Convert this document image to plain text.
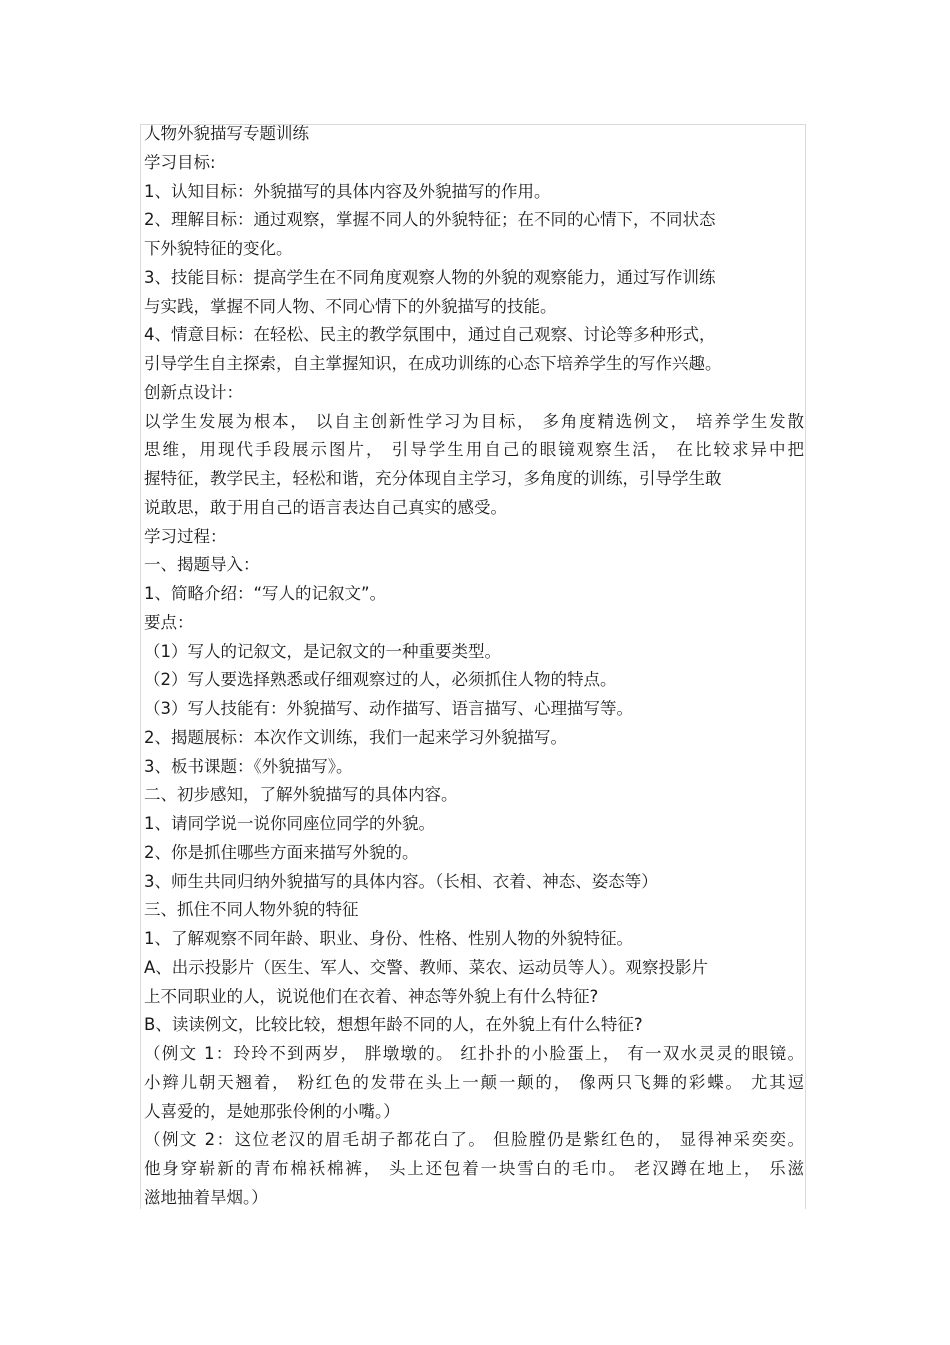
人物外貌描写专题训练
学习目标:
1、认知目标：外貌描写的具体内容及外貌描写的作用。
2、理解目标：通过观察，掌握不同人的外貌特征；在不同的心情下，不同状态
下外貌特征的变化。
3、技能目标：提高学生在不同角度观察人物的外貌的观察能力，通过写作训练
与实践，掌握不同人物、不同心情下的外貌描写的技能。
4、情意目标：在轻松、民主的教学氛围中，通过自己观察、讨论等多种形式，
引导学生自主探索，自主掌握知识，在成功训练的心态下培养学生的写作兴趣。
创新点设计：
以学生发展为根本， 以自主创新性学习为目标， 多角度精选例文， 培养学生发散
思维，用现代手段展示图片， 引导学生用自己的眼镜观察生活， 在比较求异中把
握特征，教学民主，轻松和谐，充分体现自主学习，多角度的训练，引导学生敢
说敢思，敢于用自己的语言表达自己真实的感受。
学习过程：
一、揭题导入：
1、简略介绍：“写人的记叙文”。
要点：
（1）写人的记叙文，是记叙文的一种重要类型。
（2）写人要选择熟悉或仔细观察过的人，必须抓住人物的特点。
（3）写人技能有：外貌描写、动作描写、语言描写、心理描写等。
2、揭题展标：本次作文训练，我们一起来学习外貌描写。
3、板书课题：《外貌描写》。
二、初步感知，了解外貌描写的具体内容。
1、请同学说一说你同座位同学的外貌。
2、你是抓住哪些方面来描写外貌的。
3、师生共同归纳外貌描写的具体内容。（长相、衣着、神态、姿态等）
三、抓住不同人物外貌的特征
1、了解观察不同年龄、职业、身份、性格、性别人物的外貌特征。
A、出示投影片（医生、军人、交警、教师、菜农、运动员等人）。观察投影片
上不同职业的人，说说他们在衣着、神态等外貌上有什么特征?
B、读读例文，比较比较，想想年龄不同的人，在外貌上有什么特征?
（例文 1：玲玲不到两岁， 胖墩墩的。 红扑扑的小脸蛋上， 有一双水灵灵的眼镜。
小辫儿朝天翘着， 粉红色的发带在头上一颠一颠的， 像两只飞舞的彩蝶。 尤其逗
人喜爱的，是她那张伶俐的小嘴。）
（例文 2：这位老汉的眉毛胡子都花白了。 但脸膛仍是紫红色的， 显得神采奕奕。
他身穿崭新的青布棉袄棉裤， 头上还包着一块雪白的毛巾。 老汉蹲在地上， 乐滋
滋地抽着旱烟。）
